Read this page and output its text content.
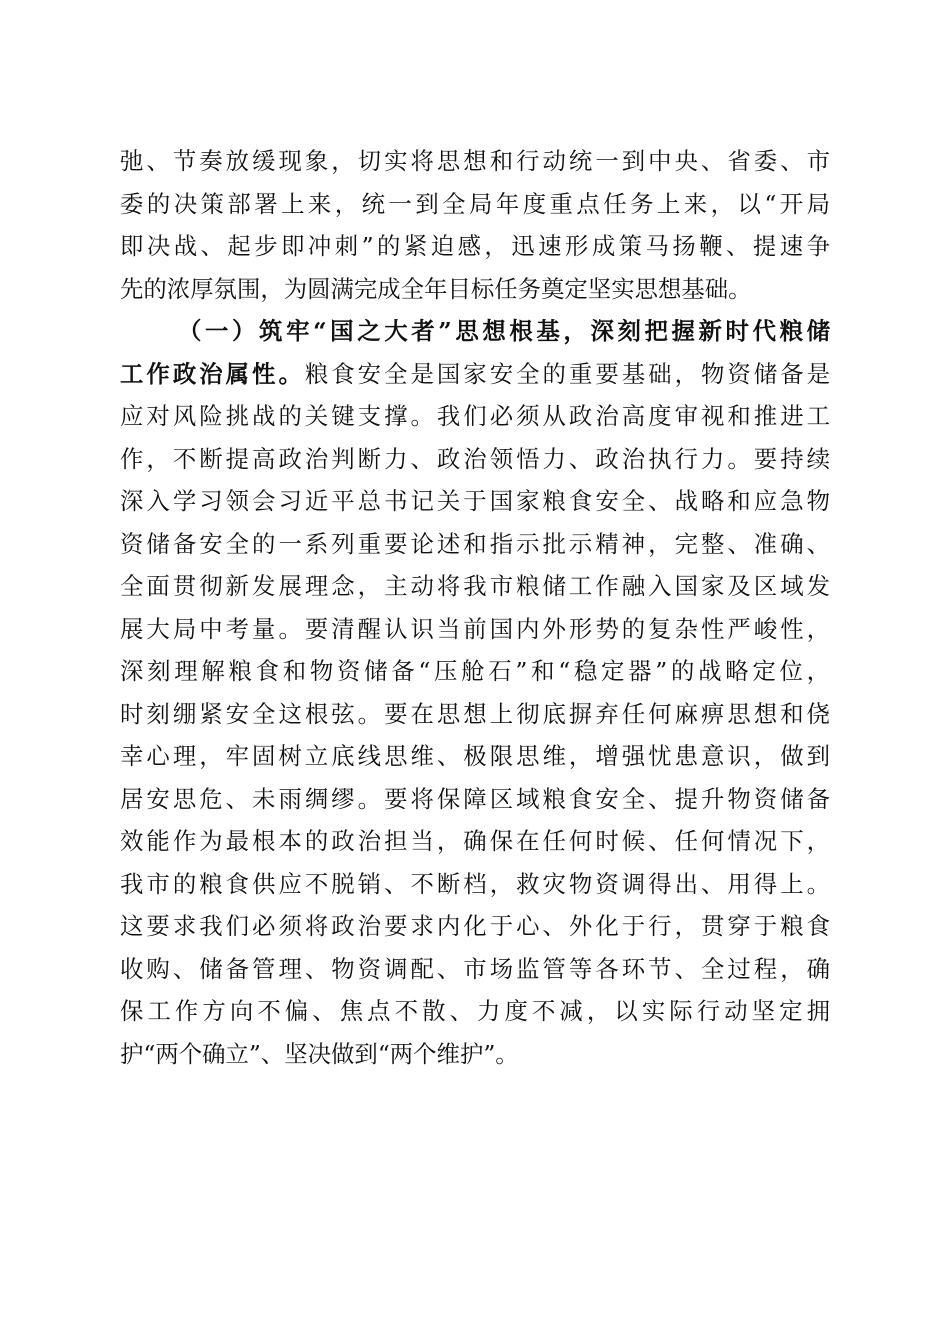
弛、节奏放缓现象，切实将思想和行动统一到中央、省委、市
委的决策部署上来，统一到全局年度重点任务上来，以“开局
即决战、起步即冲刺”的紧迫感，迅速形成策马扬鞭、提速争
先的浓厚氛围，为圆满完成全年目标任务奠定坚实思想基础。
（一）筑牢“国之大者”思想根基，深刻把握新时代粮储
工作政治属性。粮食安全是国家安全的重要基础，物资储备是
应对风险挑战的关键支撑。我们必须从政治高度审视和推进工
作，不断提高政治判断力、政治领悟力、政治执行力。要持续
深入学习领会习近平总书记关于国家粮食安全、战略和应急物
资储备安全的一系列重要论述和指示批示精神，完整、准确、
全面贯彻新发展理念，主动将我市粮储工作融入国家及区域发
展大局中考量。要清醒认识当前国内外形势的复杂性严峻性，
深刻理解粮食和物资储备“压舱石”和“稳定器”的战略定位，
时刻绷紧安全这根弦。要在思想上彻底摒弃任何麻痹思想和侥
幸心理，牢固树立底线思维、极限思维，增强忧患意识，做到
居安思危、未雨绸缪。要将保障区域粮食安全、提升物资储备
效能作为最根本的政治担当，确保在任何时候、任何情况下，
我市的粮食供应不脱销、不断档，救灾物资调得出、用得上。
这要求我们必须将政治要求内化于心、外化于行，贯穿于粮食
收购、储备管理、物资调配、市场监管等各环节、全过程，确
保工作方向不偏、焦点不散、力度不减，以实际行动坚定拥
护“两个确立”、坚决做到“两个维护”。
